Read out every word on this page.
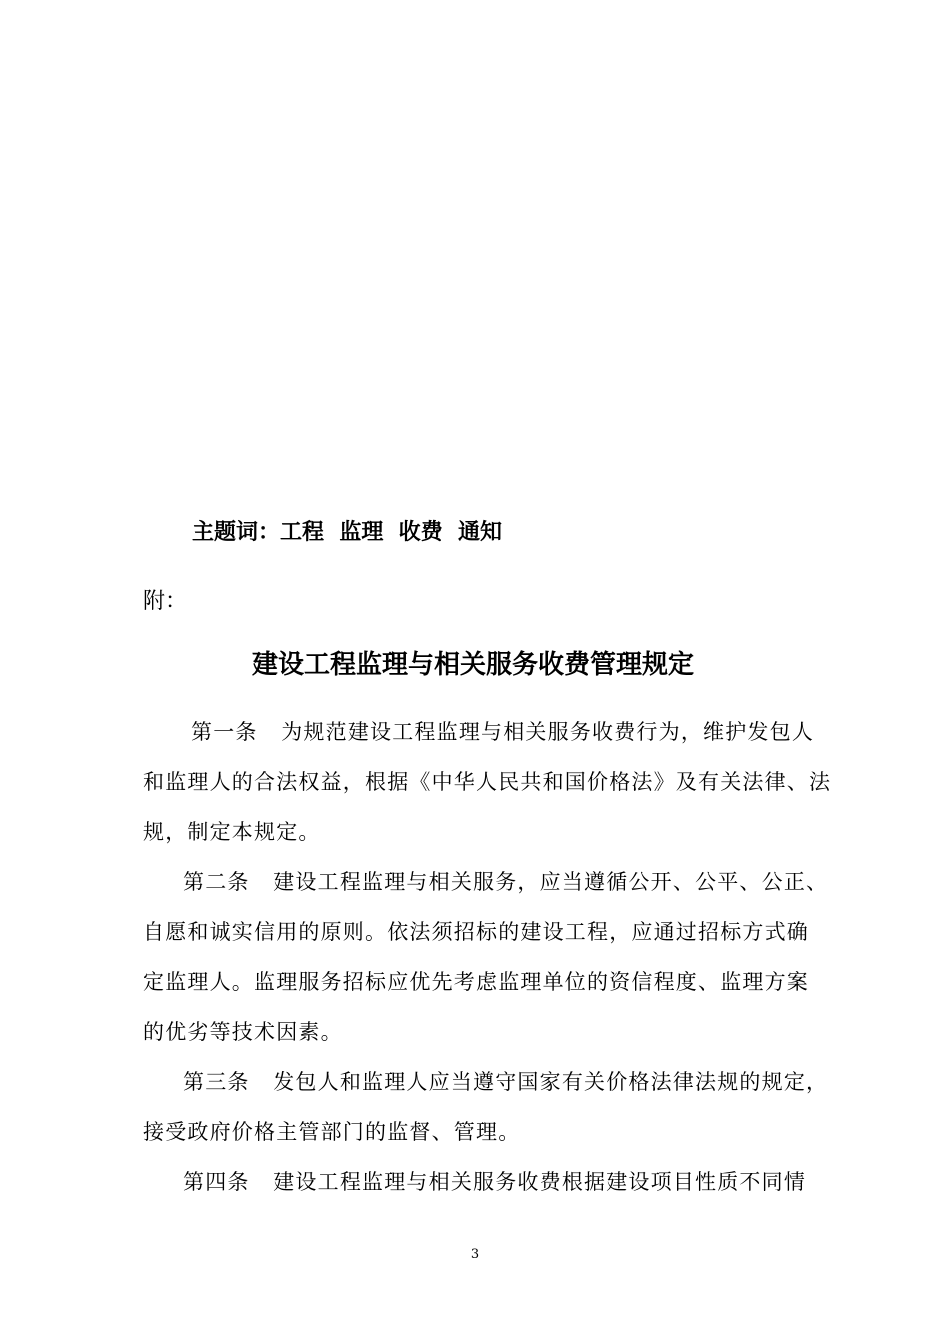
主题词：工程  监理  收费  通知
附：
建设工程监理与相关服务收费管理规定
第一条   为规范建设工程监理与相关服务收费行为，维护发包人
和监理人的合法权益，根据《中华人民共和国价格法》及有关法律、法
规，制定本规定。
第二条   建设工程监理与相关服务，应当遵循公开、公平、公正、
自愿和诚实信用的原则。依法须招标的建设工程，应通过招标方式确
定监理人。监理服务招标应优先考虑监理单位的资信程度、监理方案
的优劣等技术因素。
第三条   发包人和监理人应当遵守国家有关价格法律法规的规定，
接受政府价格主管部门的监督、管理。
第四条   建设工程监理与相关服务收费根据建设项目性质不同情
3
